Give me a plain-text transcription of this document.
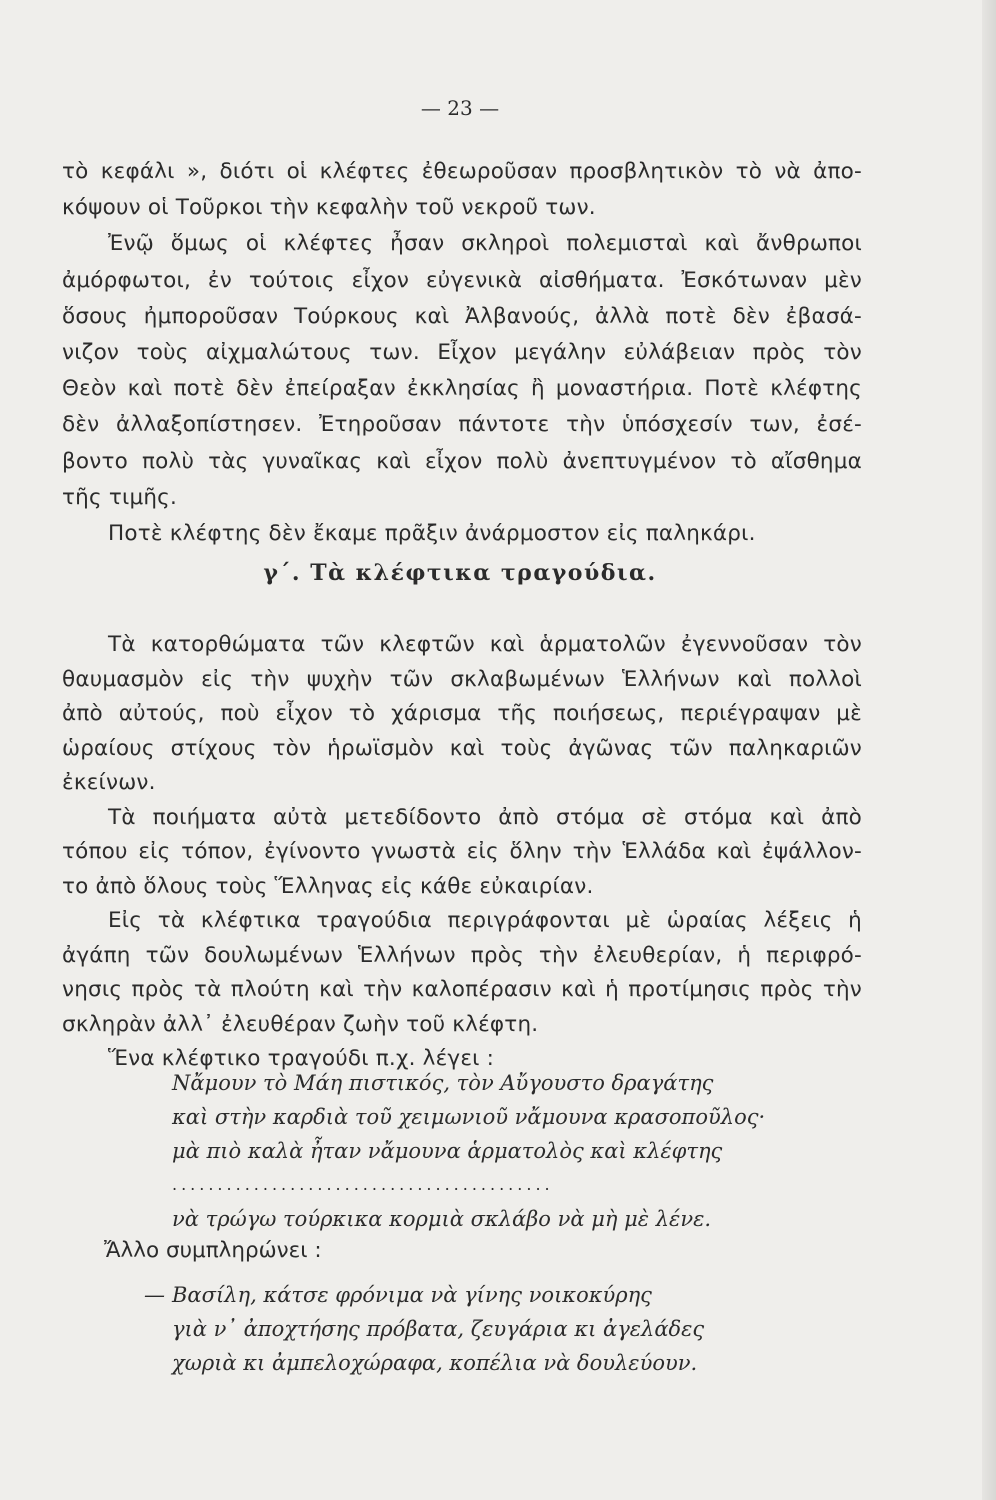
— 23 —
τὸ κεφάλι », διότι οἱ κλέφτες ἐθεωροῦσαν προσβλητικὸν τὸ νὰ ἀπο-
κόψουν οἱ Τοῦρκοι τὴν κεφαλὴν τοῦ νεκροῦ των.
Ἐνῷ ὅμως οἱ κλέφτες ἦσαν σκληροὶ πολεμισταὶ καὶ ἄνθρωποι
ἀμόρφωτοι, ἐν τούτοις εἶχον εὐγενικὰ αἰσθήματα. Ἐσκότωναν μὲν
ὅσους ἠμποροῦσαν Τούρκους καὶ Ἀλβανούς, ἀλλὰ ποτὲ δὲν ἐβασά-
νιζον τοὺς αἰχμαλώτους των. Εἶχον μεγάλην εὐλάβειαν πρὸς τὸν
Θεὸν καὶ ποτὲ δὲν ἐπείραξαν ἐκκλησίας ἢ μοναστήρια. Ποτὲ κλέφτης
δὲν ἀλλαξοπίστησεν. Ἐτηροῦσαν πάντοτε τὴν ὑπόσχεσίν των, ἐσέ-
βοντο πολὺ τὰς γυναῖκας καὶ εἶχον πολὺ ἀνεπτυγμένον τὸ αἴσθημα
τῆς τιμῆς.
Ποτὲ κλέφτης δὲν ἔκαμε πρᾶξιν ἀνάρμοστον εἰς παληκάρι.
γ΄. Τὰ κλέφτικα τραγούδια.
Τὰ κατορθώματα τῶν κλεφτῶν καὶ ἁρματολῶν ἐγεννοῦσαν τὸν
θαυμασμὸν εἰς τὴν ψυχὴν τῶν σκλαβωμένων Ἑλλήνων καὶ πολλοὶ
ἀπὸ αὐτούς, ποὺ εἶχον τὸ χάρισμα τῆς ποιήσεως, περιέγραψαν μὲ
ὡραίους στίχους τὸν ἡρωϊσμὸν καὶ τοὺς ἀγῶνας τῶν παληκαριῶν
ἐκείνων.
Τὰ ποιήματα αὐτὰ μετεδίδοντο ἀπὸ στόμα σὲ στόμα καὶ ἀπὸ
τόπου εἰς τόπον, ἐγίνοντο γνωστὰ εἰς ὅλην τὴν Ἑλλάδα καὶ ἐψάλλον-
το ἀπὸ ὅλους τοὺς Ἕλληνας εἰς κάθε εὐκαιρίαν.
Εἰς τὰ κλέφτικα τραγούδια περιγράφονται μὲ ὡραίας λέξεις ἡ
ἀγάπη τῶν δουλωμένων Ἑλλήνων πρὸς τὴν ἐλευθερίαν, ἡ περιφρό-
νησις πρὸς τὰ πλούτη καὶ τὴν καλοπέρασιν καὶ ἡ προτίμησις πρὸς τὴν
σκληρὰν ἀλλ᾽ ἐλευθέραν ζωὴν τοῦ κλέφτη.
Ἕνα κλέφτικο τραγούδι π.χ. λέγει :
Νἄμουν τὸ Μάη πιστικός, τὸν Αὔγουστο δραγάτης
καὶ στὴν καρδιὰ τοῦ χειμωνιοῦ νἄμουνα κρασοποῦλος·
μὰ πιὸ καλὰ ἦταν νἄμουνα ἁρματολὸς καὶ κλέφτης
..........................................
νὰ τρώγω τούρκικα κορμιὰ σκλάβο νὰ μὴ μὲ λένε.
Ἄλλο συμπληρώνει :
— Βασίλη, κάτσε φρόνιμα νὰ γίνης νοικοκύρης
γιὰ ν᾽ ἀποχτήσης πρόβατα, ζευγάρια κι ἀγελάδες
χωριὰ κι ἀμπελοχώραφα, κοπέλια νὰ δουλεύουν.
